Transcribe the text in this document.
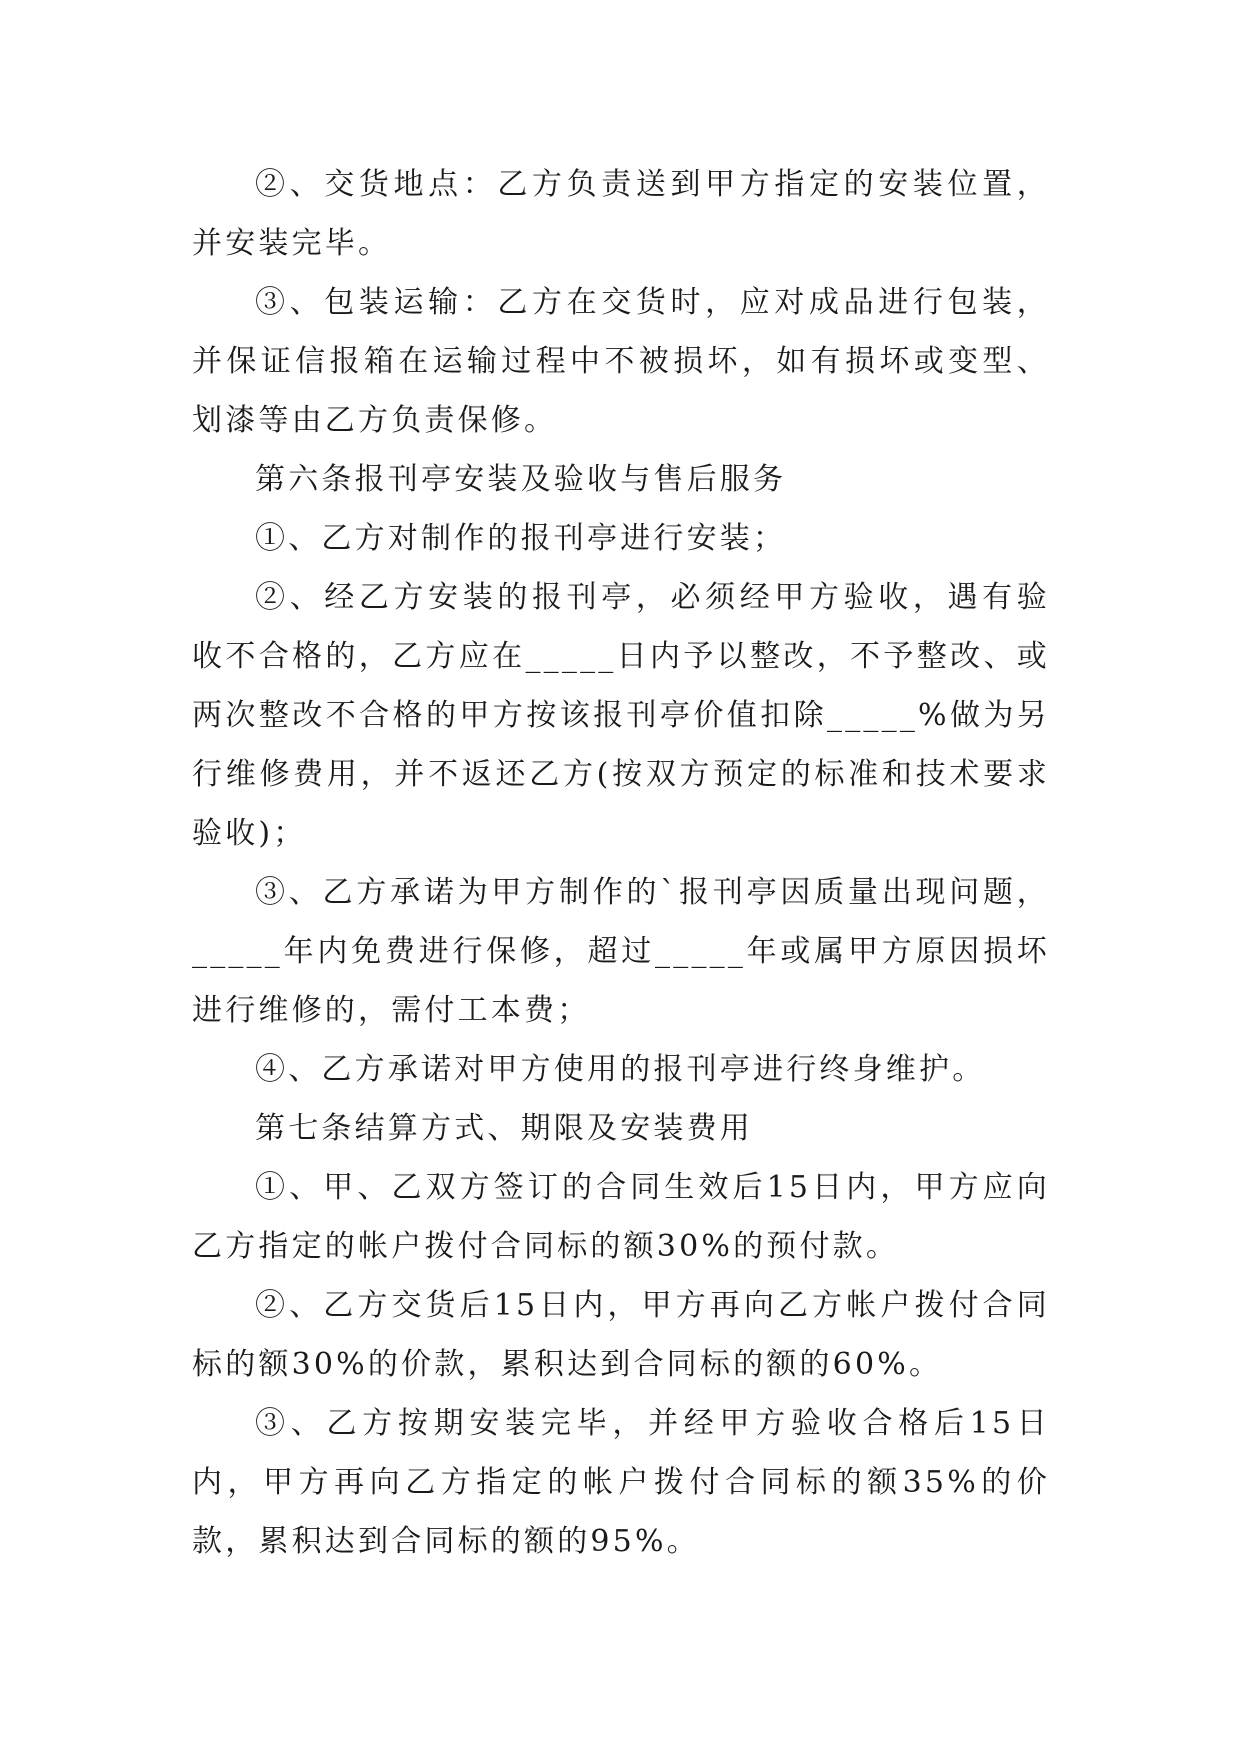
②、交货地点：乙方负责送到甲方指定的安装位置，并安装完毕。

③、包装运输：乙方在交货时，应对成品进行包装，并保证信报箱在运输过程中不被损坏，如有损坏或变型、划漆等由乙方负责保修。

第六条报刊亭安装及验收与售后服务

①、乙方对制作的报刊亭进行安装；

②、经乙方安装的报刊亭，必须经甲方验收，遇有验收不合格的，乙方应在_____日内予以整改，不予整改、或两次整改不合格的甲方按该报刊亭价值扣除_____%做为另行维修费用，并不返还乙方(按双方预定的标准和技术要求验收)；

③、乙方承诺为甲方制作的`报刊亭因质量出现问题，_____年内免费进行保修，超过_____年或属甲方原因损坏进行维修的，需付工本费；

④、乙方承诺对甲方使用的报刊亭进行终身维护。

第七条结算方式、期限及安装费用

①、甲、乙双方签订的合同生效后15日内，甲方应向乙方指定的帐户拨付合同标的额30%的预付款。

②、乙方交货后15日内，甲方再向乙方帐户拨付合同标的额30%的价款，累积达到合同标的额的60%。

③、乙方按期安装完毕，并经甲方验收合格后15日内，甲方再向乙方指定的帐户拨付合同标的额35%的价款，累积达到合同标的额的95%。
